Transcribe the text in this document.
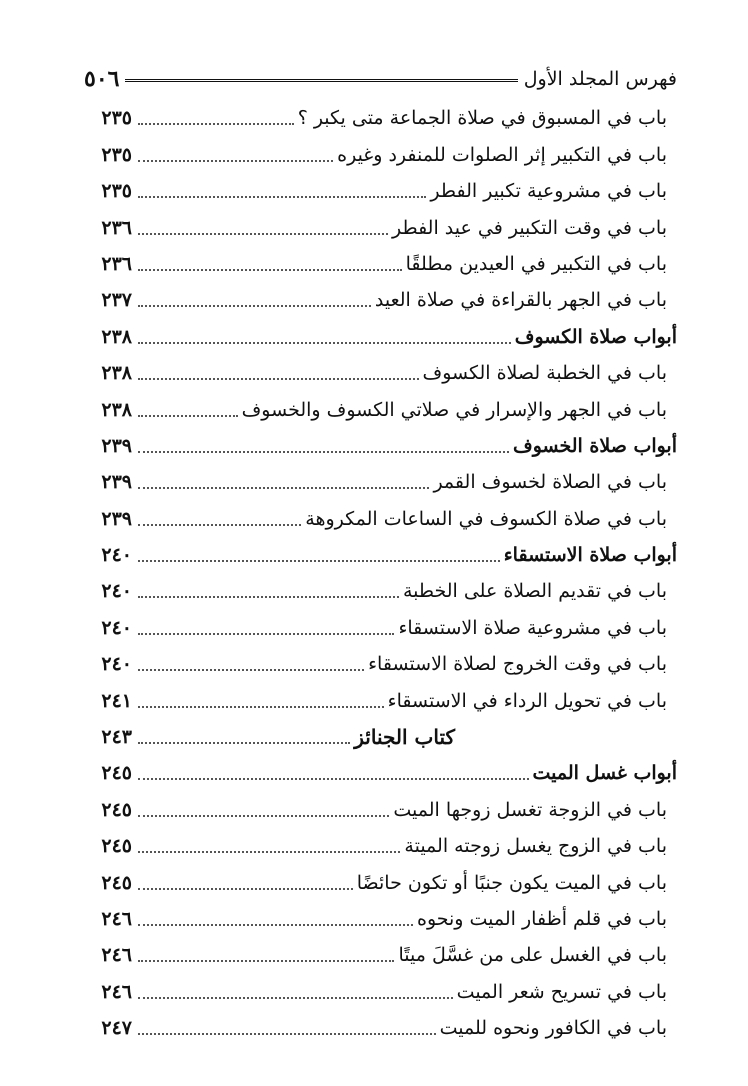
فهرس المجلد الأول
٥٠٦
باب في المسبوق في صلاة الجماعة متى يكبر ؟
٢٣٥
باب في التكبير إثر الصلوات للمنفرد وغيره
٢٣٥
باب في مشروعية تكبير الفطر
٢٣٥
باب في وقت التكبير في عيد الفطر
٢٣٦
باب في التكبير في العيدين مطلقًا
٢٣٦
باب في الجهر بالقراءة في صلاة العيد
٢٣٧
أبواب صلاة الكسوف
٢٣٨
باب في الخطبة لصلاة الكسوف
٢٣٨
باب في الجهر والإسرار في صلاتي الكسوف والخسوف
٢٣٨
أبواب صلاة الخسوف
٢٣٩
باب في الصلاة لخسوف القمر
٢٣٩
باب في صلاة الكسوف في الساعات المكروهة
٢٣٩
أبواب صلاة الاستسقاء
٢٤٠
باب في تقديم الصلاة على الخطبة
٢٤٠
باب في مشروعية صلاة الاستسقاء
٢٤٠
باب في وقت الخروج لصلاة الاستسقاء
٢٤٠
باب في تحويل الرداء في الاستسقاء
٢٤١
كتاب الجنائز
٢٤٣
أبواب غسل الميت
٢٤٥
باب في الزوجة تغسل زوجها الميت
٢٤٥
باب في الزوج يغسل زوجته الميتة
٢٤٥
باب في الميت يكون جنبًا أو تكون حائضًا
٢٤٥
باب في قلم أظفار الميت ونحوه
٢٤٦
باب في الغسل على من غسَّلَ ميتًا
٢٤٦
باب في تسريح شعر الميت
٢٤٦
باب في الكافور ونحوه للميت
٢٤٧
